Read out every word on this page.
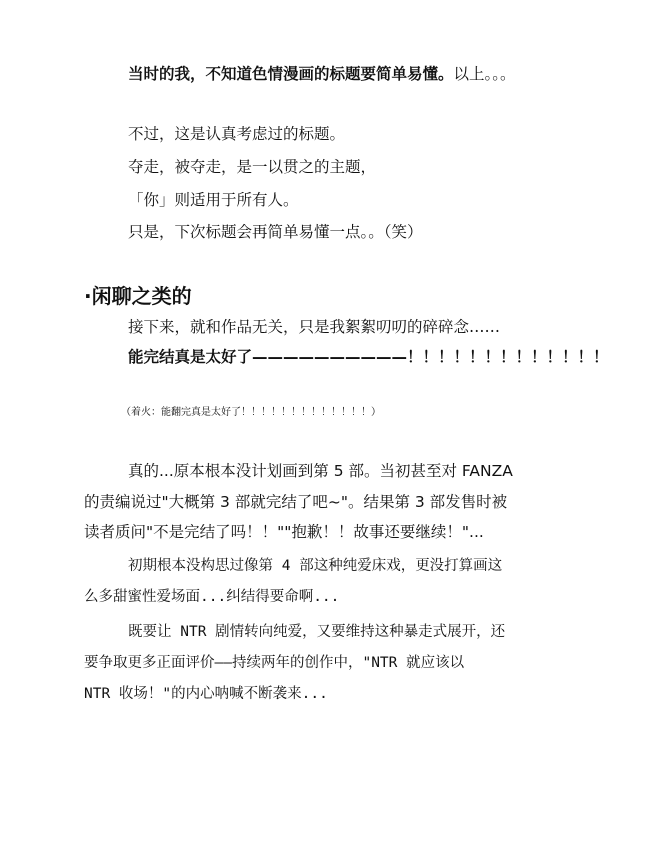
当时的我，不知道色情漫画的标题要简单易懂。以上。。。
不过，这是认真考虑过的标题。
夺走，被夺走，是一以贯之的主题，
「你」则适用于所有人。
只是，下次标题会再简单易懂一点。。（笑）
·闲聊之类的
接下来，就和作品无关，只是我絮絮叨叨的碎碎念……
能完结真是太好了——————————！！！！！！！！！！！！！
（着火：能翻完真是太好了！！！！！！！！！！！！！）
真的...原本根本没计划画到第 5 部。当初甚至对 FANZA
的责编说过"大概第 3 部就完结了吧~"。结果第 3 部发售时被
读者质问"不是完结了吗！！""抱歉！！故事还要继续！"...
初期根本没构思过像第 4 部这种纯爱床戏，更没打算画这
么多甜蜜性爱场面...纠结得要命啊...
既要让 NTR 剧情转向纯爱，又要维持这种暴走式展开，还
要争取更多正面评价——持续两年的创作中，"NTR 就应该以
NTR 收场！"的内心呐喊不断袭来...
